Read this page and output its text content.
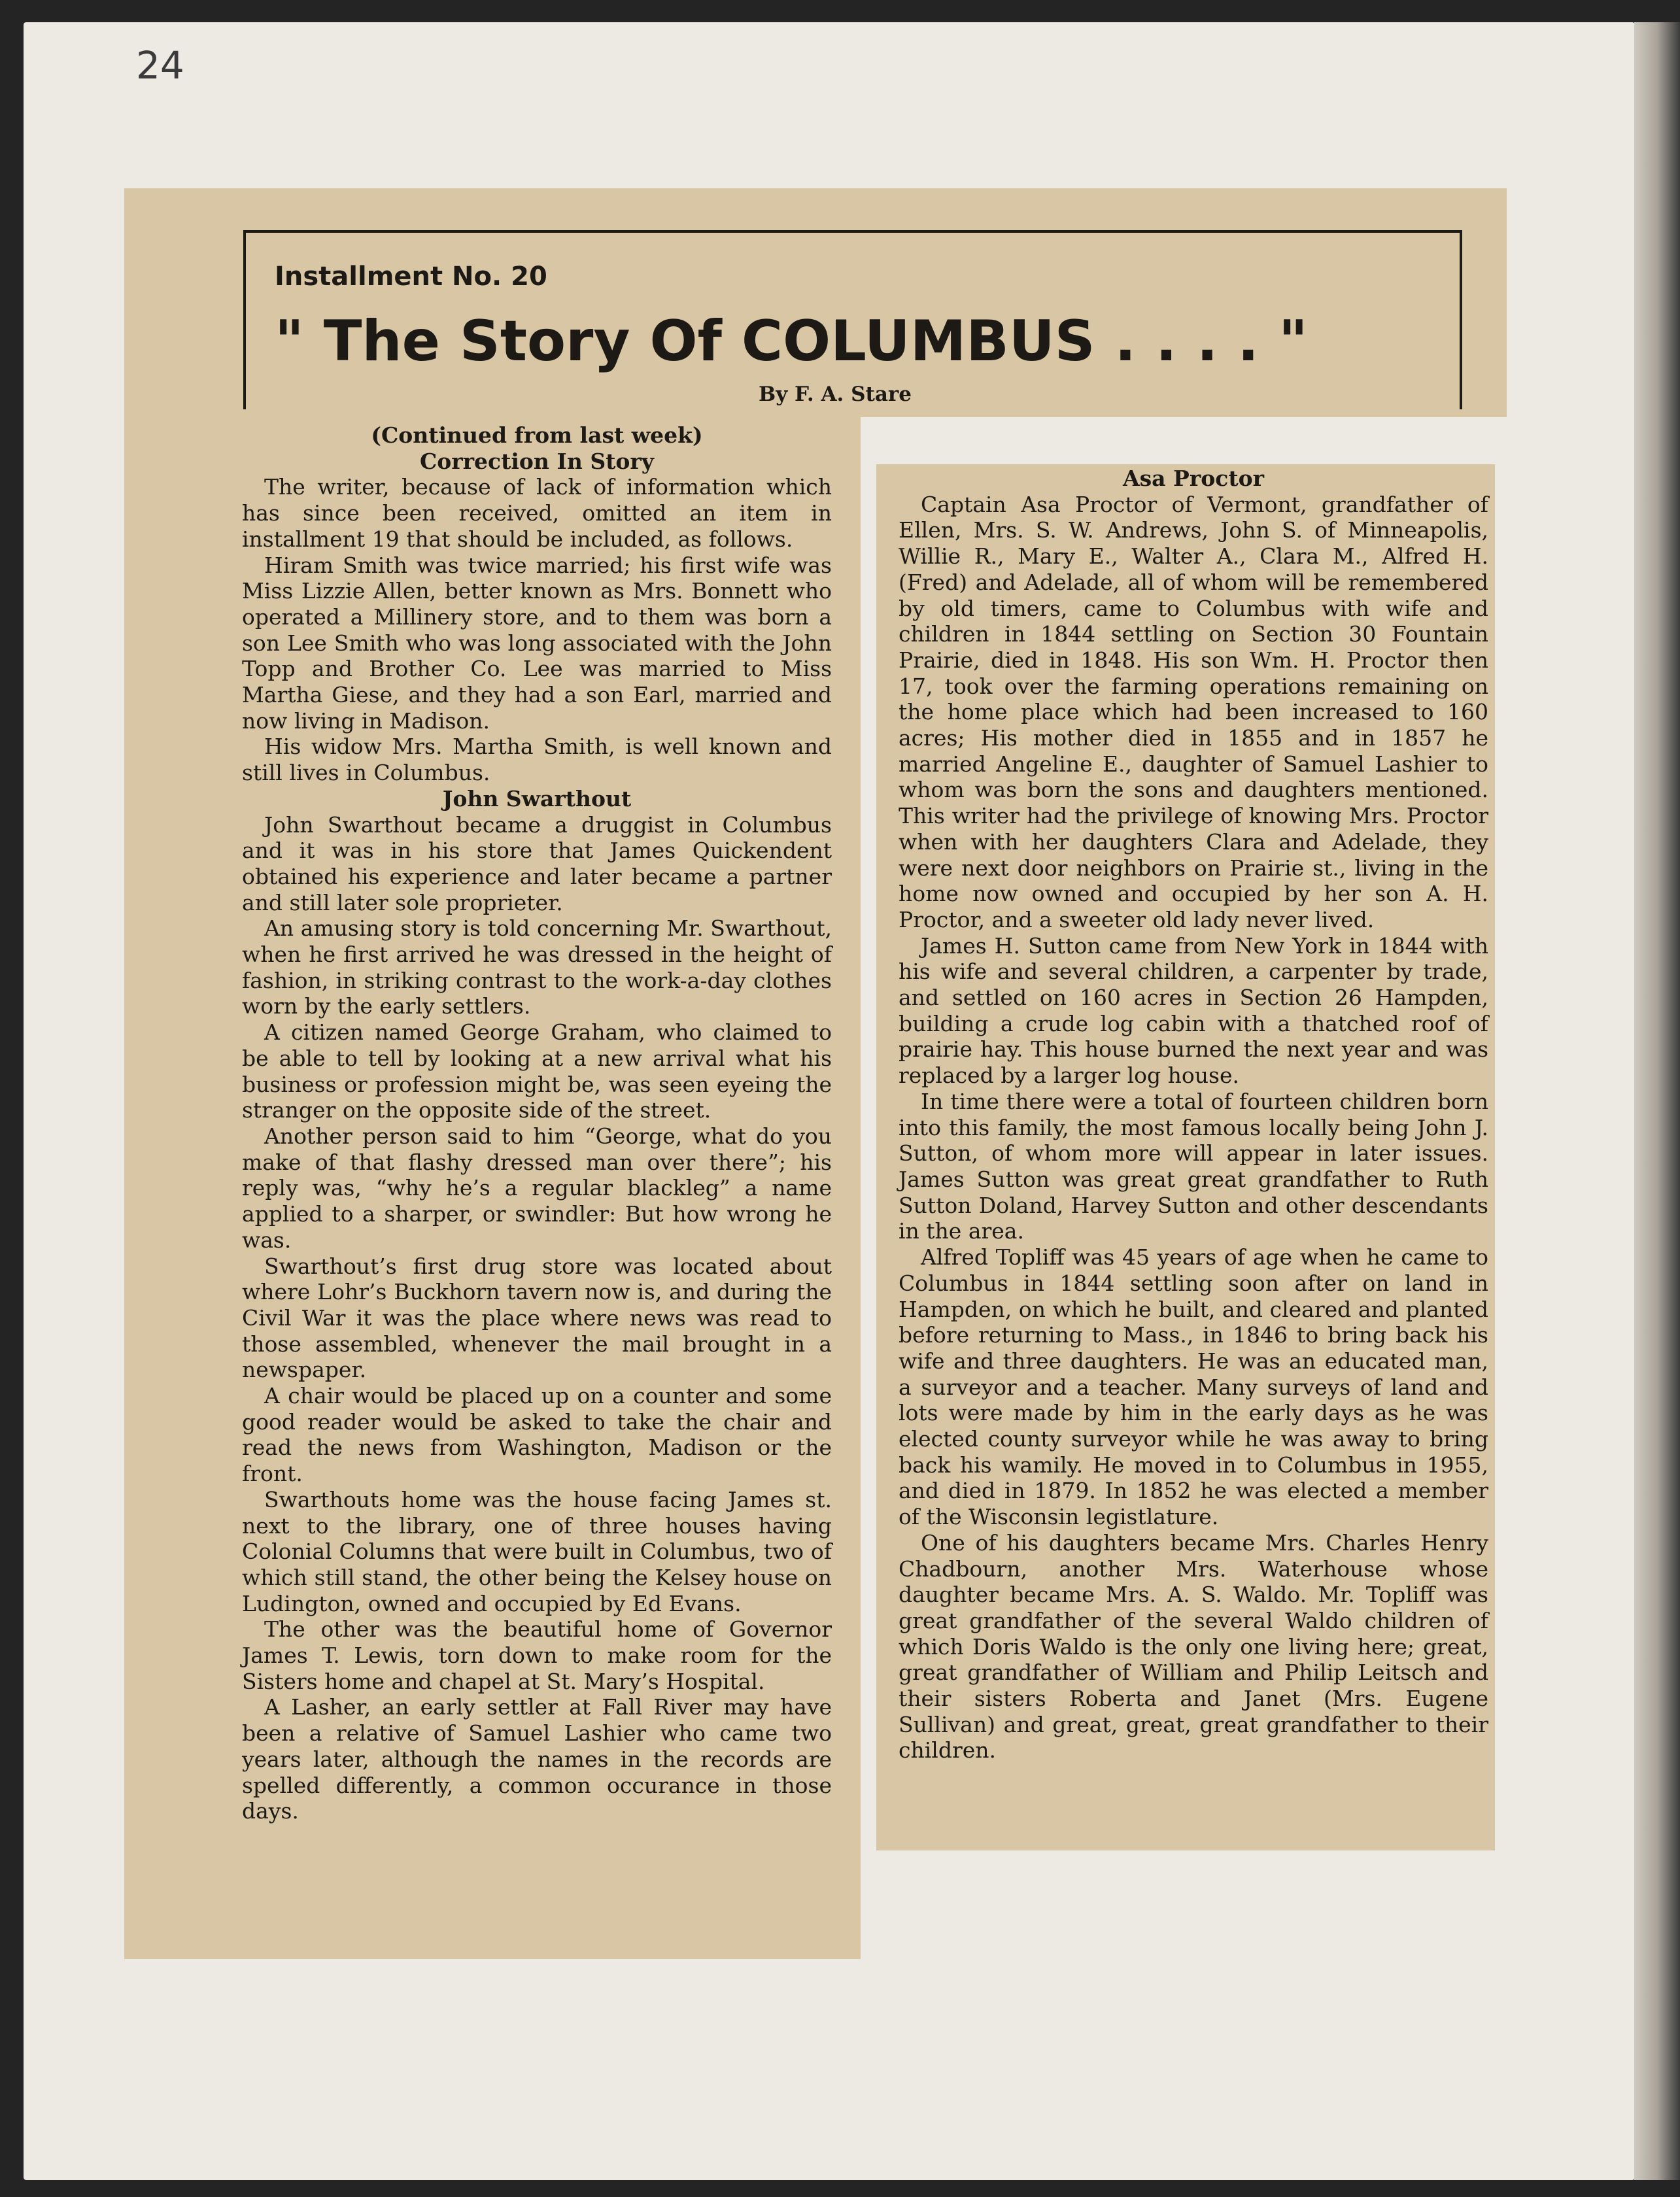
24
Installment No. 20
" The Story Of COLUMBUS . . . . "
By F. A. Stare
(Continued from last week)
Correction In Story
The writer, because of lack of information which has since been received, omitted an item in installment 19 that should be included, as follows.
Hiram Smith was twice married; his first wife was Miss Lizzie Allen, better known as Mrs. Bonnett who operated a Millinery store, and to them was born a son Lee Smith who was long associated with the John Topp and Brother Co. Lee was married to Miss Martha Giese, and they had a son Earl, married and now living in Madison.
His widow Mrs. Martha Smith, is well known and still lives in Columbus.
John Swarthout
John Swarthout became a druggist in Columbus and it was in his store that James Quickendent obtained his experience and later became a partner and still later sole proprieter.
An amusing story is told concerning Mr. Swarthout, when he first arrived he was dressed in the height of fashion, in striking contrast to the work-a-day clothes worn by the early settlers.
A citizen named George Graham, who claimed to be able to tell by looking at a new arrival what his business or profession might be, was seen eyeing the stranger on the opposite side of the street.
Another person said to him “George, what do you make of that flashy dressed man over there”; his reply was, “why he’s a regular blackleg” a name applied to a sharper, or swindler: But how wrong he was.
Swarthout’s first drug store was located about where Lohr’s Buckhorn tavern now is, and during the Civil War it was the place where news was read to those assembled, whenever the mail brought in a newspaper.
A chair would be placed up on a counter and some good reader would be asked to take the chair and read the news from Washington, Madison or the front.
Swarthouts home was the house facing James st. next to the library, one of three houses having Colonial Columns that were built in Columbus, two of which still stand, the other being the Kelsey house on Ludington, owned and occupied by Ed Evans.
The other was the beautiful home of Governor James T. Lewis, torn down to make room for the Sisters home and chapel at St. Mary’s Hospital.
A Lasher, an early settler at Fall River may have been a relative of Samuel Lashier who came two years later, although the names in the records are spelled differently, a common occurance in those days.
Asa Proctor
Captain Asa Proctor of Vermont, grandfather of Ellen, Mrs. S. W. Andrews, John S. of Minneapolis, Willie R., Mary E., Walter A., Clara M., Alfred H. (Fred) and Adelade, all of whom will be remembered by old timers, came to Columbus with wife and children in 1844 settling on Section 30 Fountain Prairie, died in 1848. His son Wm. H. Proctor then 17, took over the farming operations remaining on the home place which had been increased to 160 acres; His mother died in 1855 and in 1857 he married Angeline E., daughter of Samuel Lashier to whom was born the sons and daughters mentioned. This writer had the privilege of knowing Mrs. Proctor when with her daughters Clara and Adelade, they were next door neighbors on Prairie st., living in the home now owned and occupied by her son A. H. Proctor, and a sweeter old lady never lived.
James H. Sutton came from New York in 1844 with his wife and several children, a carpenter by trade, and settled on 160 acres in Section 26 Hampden, building a crude log cabin with a thatched roof of prairie hay. This house burned the next year and was replaced by a larger log house.
In time there were a total of fourteen children born into this family, the most famous locally being John J. Sutton, of whom more will appear in later issues. James Sutton was great great grandfather to Ruth Sutton Doland, Harvey Sutton and other descendants in the area.
Alfred Topliff was 45 years of age when he came to Columbus in 1844 settling soon after on land in Hampden, on which he built, and cleared and planted before returning to Mass., in 1846 to bring back his wife and three daughters. He was an educated man, a surveyor and a teacher. Many surveys of land and lots were made by him in the early days as he was elected county surveyor while he was away to bring back his wamily. He moved in to Columbus in 1955, and died in 1879. In 1852 he was elected a member of the Wisconsin legistlature.
One of his daughters became Mrs. Charles Henry Chadbourn, another Mrs. Waterhouse whose daughter became Mrs. A. S. Waldo. Mr. Topliff was great grandfather of the several Waldo children of which Doris Waldo is the only one living here; great, great grandfather of William and Philip Leitsch and their sisters Roberta and Janet (Mrs. Eugene Sullivan) and great, great, great grandfather to their children.
